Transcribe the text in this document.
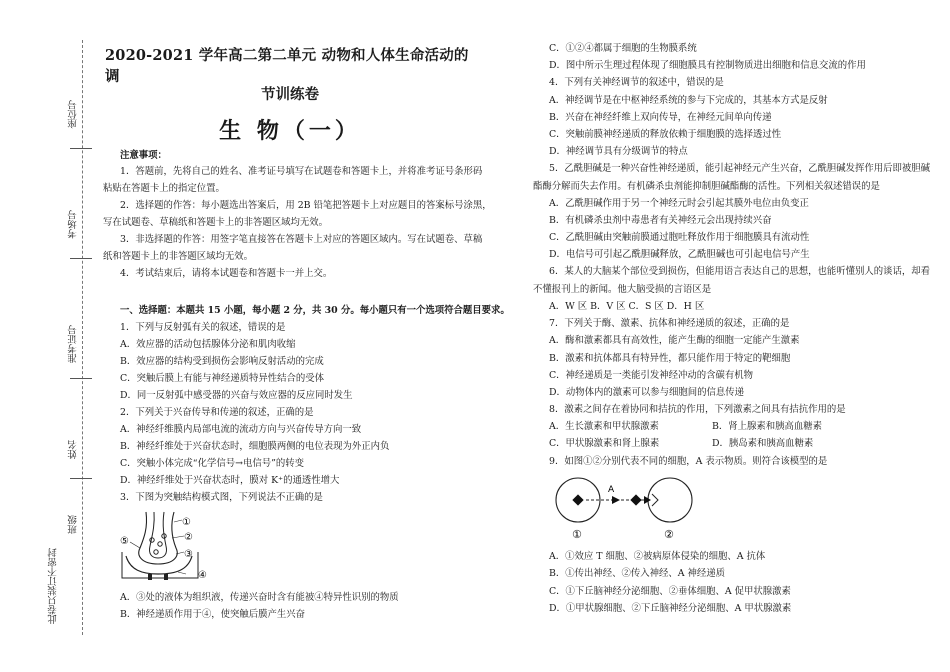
座位号
考场号
准考证号
姓名
班级
此卷只装订不密封
2020-2021 学年高二第二单元 动物和人体生命活动的调
节训练卷
生 物（一）
注意事项：
1．答题前，先将自己的姓名、准考证号填写在试题卷和答题卡上，并将准考证号条形码
粘贴在答题卡上的指定位置。
2．选择题的作答：每小题选出答案后，用 2B 铅笔把答题卡上对应题目的答案标号涂黑，
写在试题卷、草稿纸和答题卡上的非答题区域均无效。
3．非选择题的作答：用签字笔直接答在答题卡上对应的答题区域内。写在试题卷、草稿
纸和答题卡上的非答题区域均无效。
4．考试结束后，请将本试题卷和答题卡一并上交。
一、选择题：本题共 15 小题，每小题 2 分，共 30 分。每小题只有一个选项符合题目要求。
1．下列与反射弧有关的叙述，错误的是
A．效应器的活动包括腺体分泌和肌肉收缩
B．效应器的结构受到损伤会影响反射活动的完成
C．突触后膜上有能与神经递质特异性结合的受体
D．同一反射弧中感受器的兴奋与效应器的反应同时发生
2．下列关于兴奋传导和传递的叙述，正确的是
A．神经纤维膜内局部电流的流动方向与兴奋传导方向一致
B．神经纤维处于兴奋状态时，细胞膜两侧的电位表现为外正内负
C．突触小体完成“化学信号→电信号”的转变
D．神经纤维处于兴奋状态时，膜对 K⁺的通透性增大
3．下图为突触结构模式图，下列说法不正确的是
①
②
③
④
⑤
A．③处的液体为组织液，传递兴奋时含有能被④特异性识别的物质
B．神经递质作用于④，使突触后膜产生兴奋
C．①②④都属于细胞的生物膜系统
D．图中所示生理过程体现了细胞膜具有控制物质进出细胞和信息交流的作用
4．下列有关神经调节的叙述中，错误的是
A．神经调节是在中枢神经系统的参与下完成的，其基本方式是反射
B．兴奋在神经纤维上双向传导，在神经元间单向传递
C．突触前膜神经递质的释放依赖于细胞膜的选择透过性
D．神经调节具有分级调节的特点
5．乙酰胆碱是一种兴奋性神经递质，能引起神经元产生兴奋，乙酰胆碱发挥作用后即被胆碱
酯酶分解而失去作用。有机磷杀虫剂能抑制胆碱酯酶的活性。下列相关叙述错误的是
A．乙酰胆碱作用于另一个神经元时会引起其膜外电位由负变正
B．有机磷杀虫剂中毒患者有关神经元会出现持续兴奋
C．乙酰胆碱由突触前膜通过胞吐释放作用于细胞膜具有流动性
D．电信号可引起乙酰胆碱释放，乙酰胆碱也可引起电信号产生
6．某人的大脑某个部位受到损伤，但能用语言表达自己的思想，也能听懂别人的谈话，却看
不懂报刊上的新闻。他大脑受损的言语区是
A．W 区 B．V 区 C．S 区 D．H 区
7．下列关于酶、激素、抗体和神经递质的叙述，正确的是
A．酶和激素都具有高效性，能产生酶的细胞一定能产生激素
B．激素和抗体都具有特异性，都只能作用于特定的靶细胞
C．神经递质是一类能引发神经冲动的含碳有机物
D．动物体内的激素可以参与细胞间的信息传递
8．激素之间存在着协同和拮抗的作用，下列激素之间具有拮抗作用的是
A．生长激素和甲状腺激素	B．肾上腺素和胰高血糖素
C．甲状腺激素和肾上腺素	D．胰岛素和胰高血糖素
9．如图①②分别代表不同的细胞，A 表示物质。则符合该模型的是
A
①	②
A．①效应 T 细胞、②被病原体侵染的细胞、A 抗体
B．①传出神经、②传入神经、A 神经递质
C．①下丘脑神经分泌细胞、②垂体细胞、A 促甲状腺激素
D．①甲状腺细胞、②下丘脑神经分泌细胞、A 甲状腺激素
